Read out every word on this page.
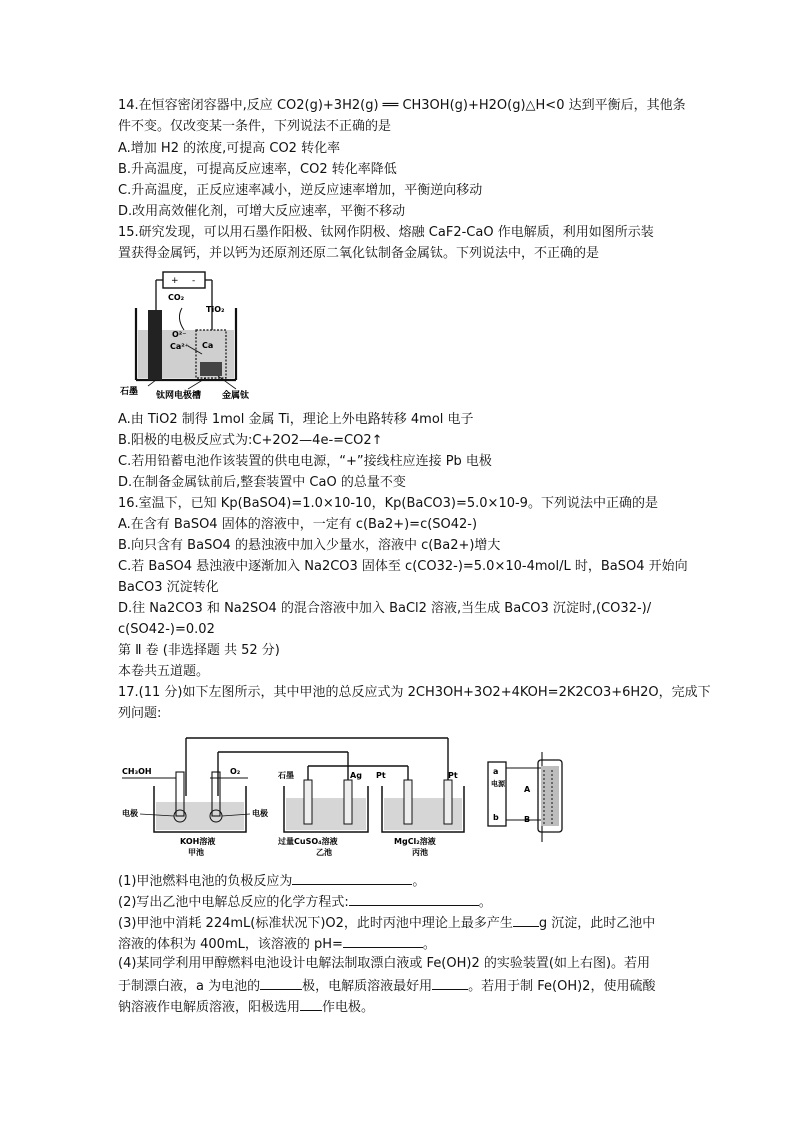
14.在恒容密闭容器中,反应 CO2(g)+3H2(g) ══ CH3OH(g)+H2O(g)△H<0 达到平衡后，其他条
件不变。仅改变某一条件，下列说法不正确的是
A.增加 H2 的浓度,可提高 CO2 转化率
B.升高温度，可提高反应速率，CO2 转化率降低
C.升高温度，正反应速率减小，逆反应速率增加，平衡逆向移动
D.改用高效催化剂，可增大反应速率，平衡不移动
15.研究发现，可以用石墨作阳极、钛网作阴极、熔融 CaF2-CaO 作电解质，利用如图所示装
置获得金属钙，并以钙为还原剂还原二氧化钛制备金属钛。下列说法中，不正确的是
+ -
CO₂
TiO₂
O²⁻
Ca²⁺ Ca
石墨 钛网电极槽 金属钛
A.由 TiO2 制得 1mol 金属 Ti，理论上外电路转移 4mol 电子
B.阳极的电极反应式为:C+2O2—4e-=CO2↑
C.若用铅蓄电池作该装置的供电电源，“+”接线柱应连接 Pb 电极
D.在制备金属钛前后,整套装置中 CaO 的总量不变
16.室温下，已知 Kp(BaSO4)=1.0×10-10，Kp(BaCO3)=5.0×10-9。下列说法中正确的是
A.在含有 BaSO4 固体的溶液中，一定有 c(Ba2+)=c(SO42-)
B.向只含有 BaSO4 的悬浊液中加入少量水，溶液中 c(Ba2+)增大
C.若 BaSO4 悬浊液中逐渐加入 Na2CO3 固体至 c(CO32-)=5.0×10-4mol/L 时，BaSO4 开始向
BaCO3 沉淀转化
D.往 Na2CO3 和 Na2SO4 的混合溶液中加入 BaCl2 溶液,当生成 BaCO3 沉淀时,(CO32-)/
c(SO42-)=0.02
第 Ⅱ 卷 (非选择题 共 52 分)
本卷共五道题。
17.(11 分)如下左图所示，其中甲池的总反应式为 2CH3OH+3O2+4KOH=2K2CO3+6H2O，完成下
列问题:
CH₃OH	O₂
电极	电极
KOH溶液
甲池
石墨	Ag
过量CuSO₄溶液
乙池
Pt	Pt
MgCl₂溶液
丙池
a
电源
b
A
B
(1)甲池燃料电池的负极反应为	。
(2)写出乙池中电解总反应的化学方程式:	。
(3)甲池中消耗 224mL(标准状况下)O2，此时丙池中理论上最多产生 g 沉淀，此时乙池中
溶液的体积为 400mL，该溶液的 pH=	。
(4)某同学利用甲醇燃料电池设计电解法制取漂白液或 Fe(OH)2 的实验装置(如上右图)。若用
于制漂白液，a 为电池的	极，电解质溶液最好用	。若用于制 Fe(OH)2，使用硫酸
钠溶液作电解质溶液，阳极选用 作电极。
